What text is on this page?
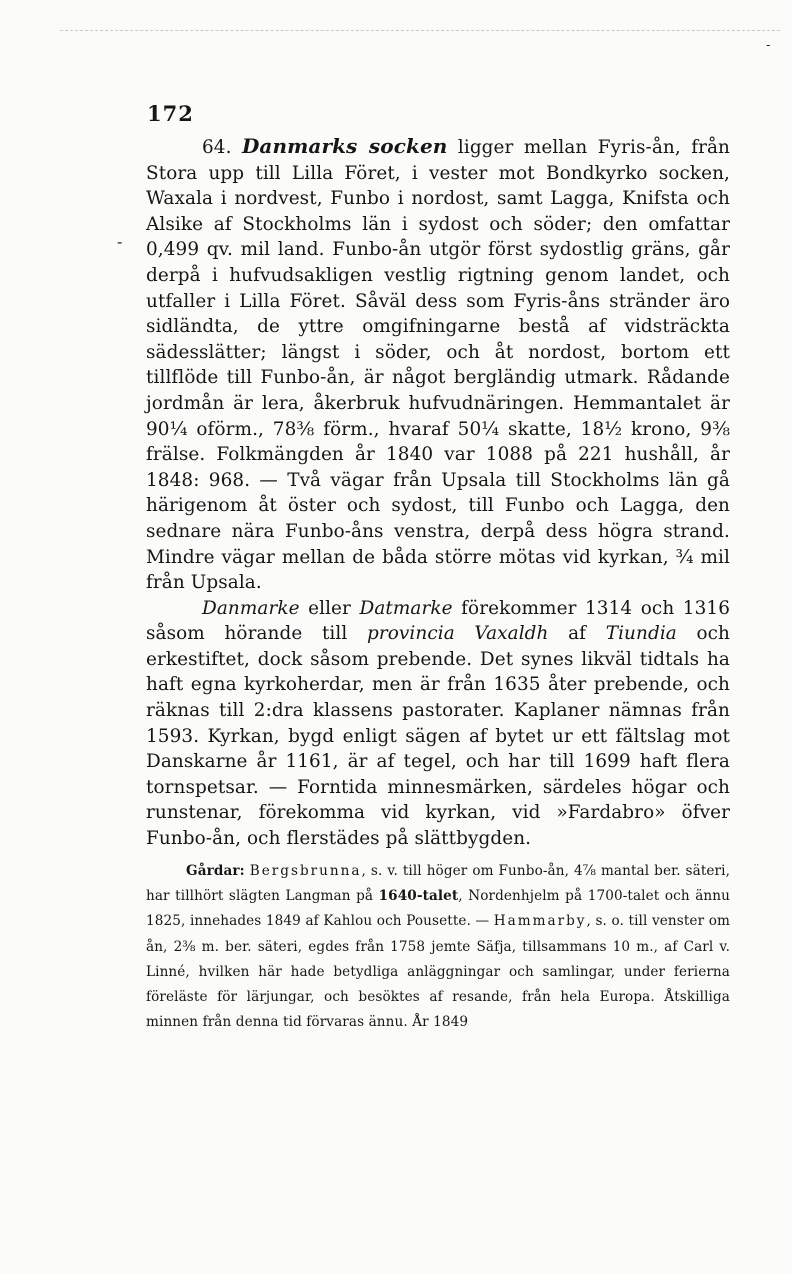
-
-
172

64. Danmarks socken ligger mellan Fyris-ån, från Stora upp till Lilla Föret, i vester mot Bondkyrko socken, Waxala i nordvest, Funbo i nordost, samt Lagga, Knifsta och Alsike af Stockholms län i sydost och söder; den omfattar 0,499 qv. mil land. Funbo-ån utgör först sydostlig gräns, går derpå i hufvudsakligen vestlig rigtning genom landet, och utfaller i Lilla Föret. Såväl dess som Fyris-åns stränder äro sidländta, de yttre omgifningarne bestå af vidsträckta sädesslätter; längst i söder, och åt nordost, bortom ett tillflöde till Funbo-ån, är något bergländig utmark. Rådande jordmån är lera, åkerbruk hufvudnäringen. Hemmantalet är 90¼ oförm., 78⅜ förm., hvaraf 50¼ skatte, 18½ krono, 9⅜ frälse. Folkmängden år 1840 var 1088 på 221 hushåll, år 1848: 968. — Två vägar från Upsala till Stockholms län gå härigenom åt öster och sydost, till Funbo och Lagga, den sednare nära Funbo-åns venstra, derpå dess högra strand. Mindre vägar mellan de båda större mötas vid kyrkan, ¾ mil från Upsala.

Danmarke eller Datmarke förekommer 1314 och 1316 såsom hörande till provincia Vaxaldh af Tiundia och erkestiftet, dock såsom prebende. Det synes likväl tidtals ha haft egna kyrkoherdar, men är från 1635 åter prebende, och räknas till 2:dra klassens pastorater. Kaplaner nämnas från 1593. Kyrkan, bygd enligt sägen af bytet ur ett fältslag mot Danskarne år 1161, är af tegel, och har till 1699 haft flera tornspetsar. — Forntida minnesmärken, särdeles högar och runstenar, förekomma vid kyrkan, vid »Fardabro» öfver Funbo-ån, och flerstädes på slättbygden.

Gårdar: Bergsbrunna, s. v. till höger om Funbo-ån, 4⅞ mantal ber. säteri, har tillhört slägten Langman på 1640-talet, Nordenhjelm på 1700-talet och ännu 1825, innehades 1849 af Kahlou och Pousette. — Hammarby, s. o. till venster om ån, 2⅜ m. ber. säteri, egdes från 1758 jemte Säfja, tillsammans 10 m., af Carl v. Linné, hvilken här hade betydliga anläggningar och samlingar, under ferierna föreläste för lärjungar, och besöktes af resande, från hela Europa. Åtskilliga minnen från denna tid förvaras ännu. År 1849
